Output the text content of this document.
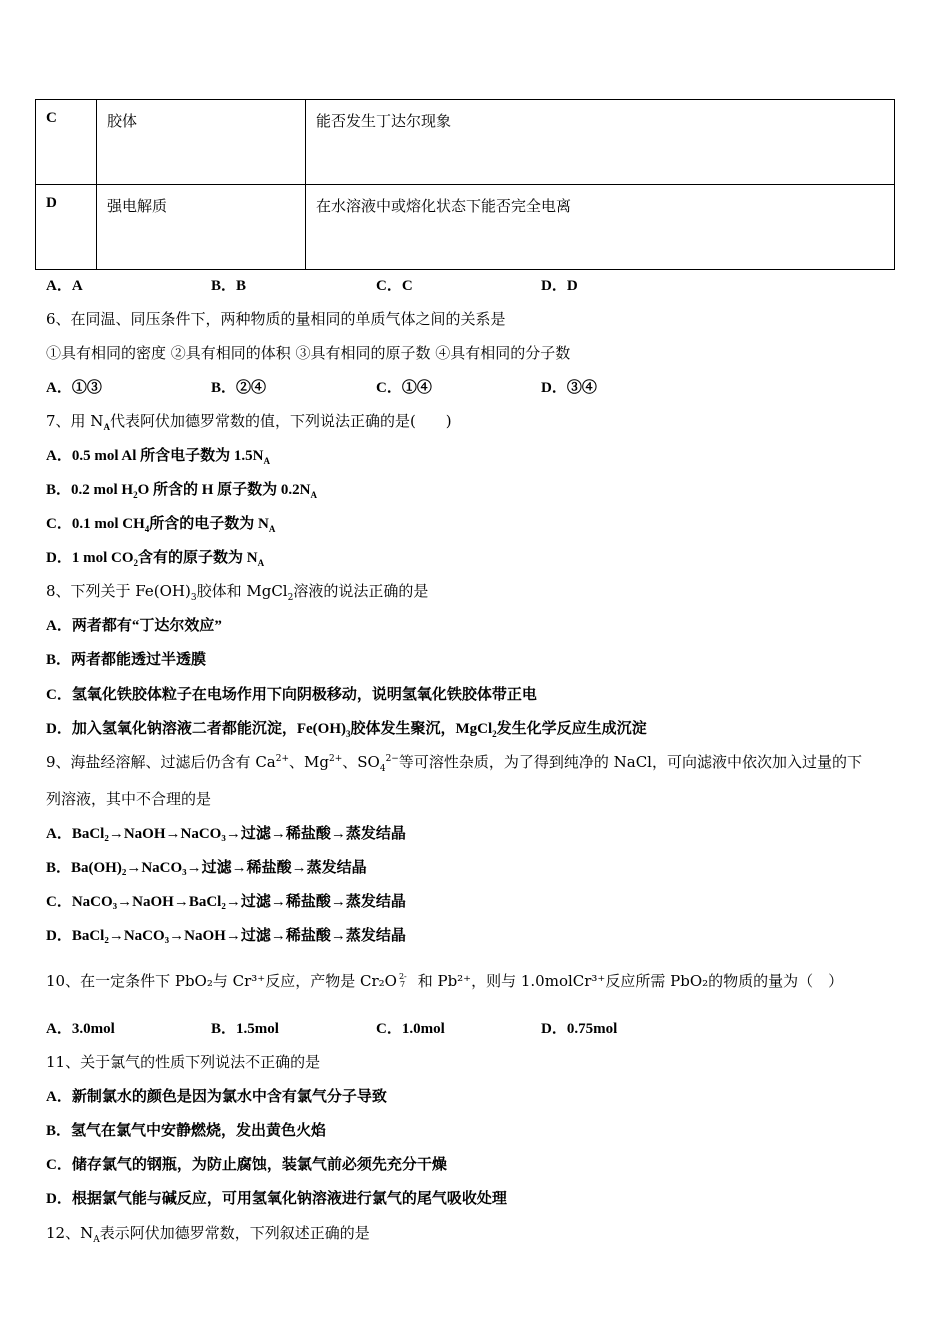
C	胶体	能否发生丁达尔现象
D	强电解质	在水溶液中或熔化状态下能否完全电离
A．A	B．B	C．C	D．D
6、在同温、同压条件下，两种物质的量相同的单质气体之间的关系是
①具有相同的密度 ②具有相同的体积 ③具有相同的原子数 ④具有相同的分子数
A．①③	B．②④	C．①④	D．③④
7、用 $N_A$代表阿伏加德罗常数的值，下列说法正确的是(　　)
A．0.5 mol Al 所含电子数为 $1.5N_A$
B．0.2 mol $H_2O$ 所含的 H 原子数为 $0.2N_A$
C．0.1 mol $CH_4$所含的电子数为 $N_A$
D．1 mol $CO_2$含有的原子数为 $N_A$
8、下列关于 $Fe(OH)_3$胶体和 MgCl$_2$溶液的说法正确的是
A．两者都有“丁达尔效应”
B．两者都能透过半透膜
C．氢氧化铁胶体粒子在电场作用下向阴极移动，说明氢氧化铁胶体带正电
D．加入氢氧化钠溶液二者都能沉淀，$Fe(OH)_3$胶体发生聚沉，MgCl$_2$发生化学反应生成沉淀
9、海盐经溶解、过滤后仍含有 $Ca^{2+}$、$Mg^{2+}$、$SO_4^{2-}$等可溶性杂质，为了得到纯净的 NaCl，可向滤液中依次加入过量的下
列溶液，其中不合理的是
A．BaCl₂→NaOH→NaCO₃→过滤→稀盐酸→蒸发结晶
B．Ba(OH)₂→NaCO₃→过滤→稀盐酸→蒸发结晶
C．NaCO₃→NaOH→BaCl₂→过滤→稀盐酸→蒸发结晶
D．BaCl₂→NaCO₃→NaOH→过滤→稀盐酸→蒸发结晶
10、在一定条件下 PbO₂与 Cr³⁺反应，产物是 Cr₂O 2-
7 和 Pb²⁺，则与 1.0molCr³⁺反应所需 PbO₂的物质的量为（　）
A．3.0mol	B．1.5mol	C．1.0mol	D．0.75mol
11、关于氯气的性质下列说法不正确的是
A．新制氯水的颜色是因为氯水中含有氯气分子导致
B．氢气在氯气中安静燃烧，发出黄色火焰
C．储存氯气的钢瓶，为防止腐蚀，装氯气前必须先充分干燥
D．根据氯气能与碱反应，可用氢氧化钠溶液进行氯气的尾气吸收处理
12、$N_A$表示阿伏加德罗常数，下列叙述正确的是
